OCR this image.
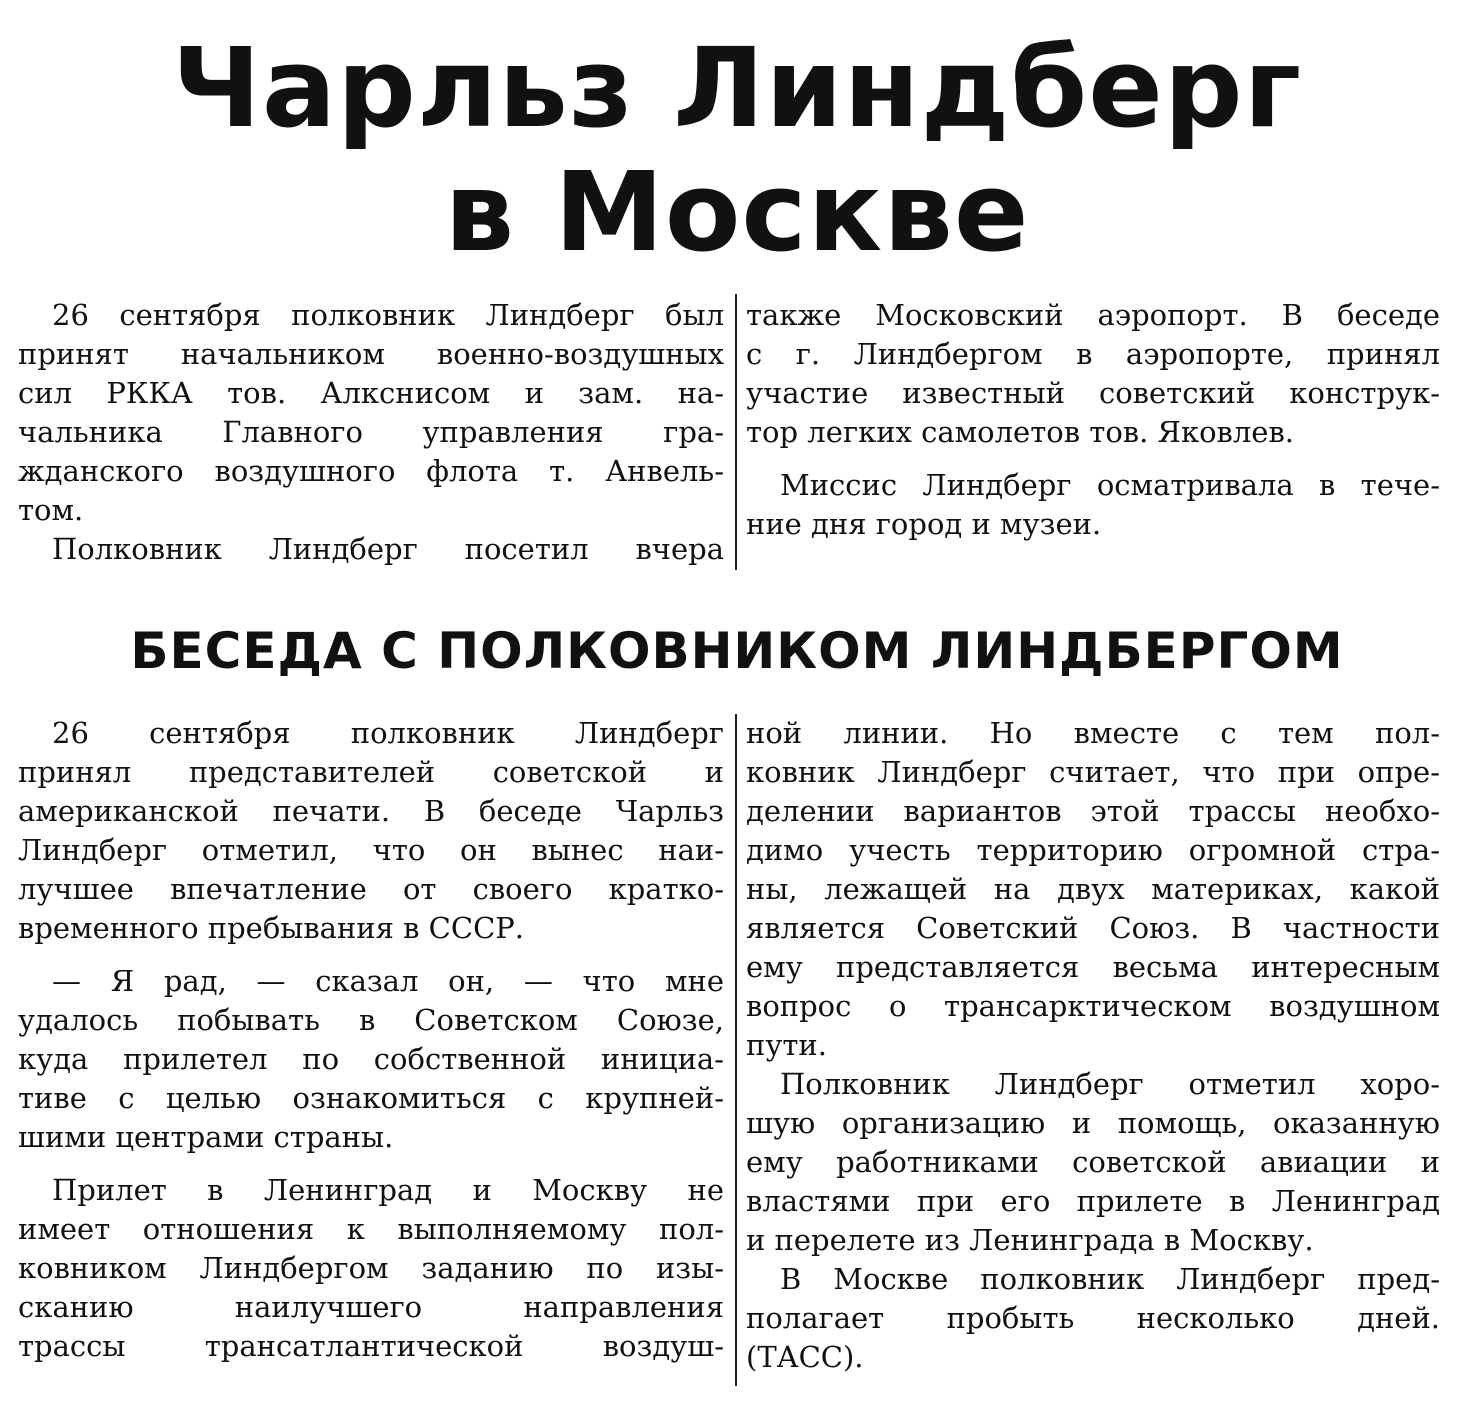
Чарльз Линдберг
в Москве
26 сентября полковник Линдберг был
принят начальником военно-воздушных
сил РККА тов. Алкснисом и зам. на-
чальника Главного управления гра-
жданского воздушного флота т. Анвель-
том.
Полковник Линдберг посетил вчера
также Московский аэропорт. В беседе
с г. Линдбергом в аэропорте, принял
участие известный советский конструк-
тор легких самолетов тов. Яковлев.
Миссис Линдберг осматривала в тече-
ние дня город и музеи.
БЕСЕДА С ПОЛКОВНИКОМ ЛИНДБЕРГОМ
26 сентября полковник Линдберг
принял представителей советской и
американской печати. В беседе Чарльз
Линдберг отметил, что он вынес наи-
лучшее впечатление от своего кратко-
временного пребывания в СССР.
— Я рад, — сказал он, — что мне
удалось побывать в Советском Союзе,
куда прилетел по собственной инициа-
тиве с целью ознакомиться с крупней-
шими центрами страны.
Прилет в Ленинград и Москву не
имеет отношения к выполняемому пол-
ковником Линдбергом заданию по изы-
сканию наилучшего направления
трассы трансатлантической воздуш-
ной линии. Но вместе с тем пол-
ковник Линдберг считает, что при опре-
делении вариантов этой трассы необхо-
димо учесть территорию огромной стра-
ны, лежащей на двух материках, какой
является Советский Союз. В частности
ему представляется весьма интересным
вопрос о трансарктическом воздушном
пути.
Полковник Линдберг отметил хоро-
шую организацию и помощь, оказанную
ему работниками советской авиации и
властями при его прилете в Ленинград
и перелете из Ленинграда в Москву.
В Москве полковник Линдберг пред-
полагает пробыть несколько дней.
(ТАСС).
